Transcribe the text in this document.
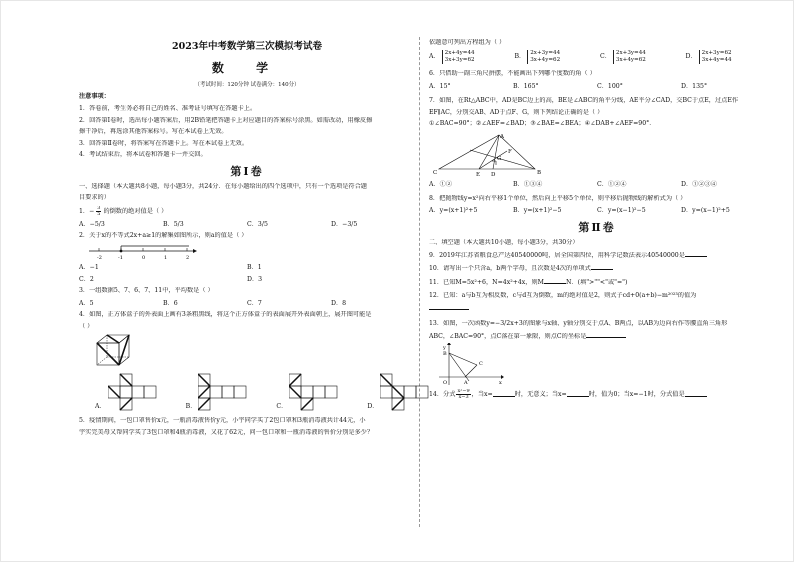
2023年中考数学第三次模拟考试卷
数 学
（考试时间：120分钟 试卷满分：140分）
注意事项：
1．答卷前，考生务必将自己的姓名、准考证号填写在答题卡上。
2．回答第Ⅰ卷时，选出每小题答案后，用2B铅笔把答题卡上对应题目的答案标号涂黑。如需改动，用橡皮擦
擦干净后，再选涂其他答案标号。写在本试卷上无效。
3．回答第Ⅱ卷时，将答案写在答题卡上。写在本试卷上无效。
4．考试结束后，将本试卷和答题卡一并交回。
第Ⅰ卷
一、选择题（本大题共8小题，每小题3分，共24分．在每小题给出的四个选项中，只有一个选项是符合题
目要求的）
1．− $\frac{3}{5}$ 的倒数的绝对值是（ ）
A．−5/3	B．5/3	C．3/5	D．−3/5
2．关于x的不等式2x+a≥1的解集如图所示，则a的值是（ ）
-2	-1	0	1	2
A．−1	B．1
C．2	D．3
3．一组数据5、7、6、7、11中，平均数是（ ）
A．5	B．6	C．7	D．8
4．如图，正方体盒子的外表面上画有3条粗黑线，将这个正方体盒子的表面展开外表面朝上，展开图可能是
（ ）
A．	B．	C．	D．
5．疫情期间，一包口罩售价x元，一瓶消毒液售价y元，小宇同学买了2包口罩和3瓶消毒液共计44元，小
宇实完美母又帮同学买了3包口罩和4瓶消毒液，又花了62元，问一包口罩和一瓶消毒液的售价分别是多少？
依题意可列出方程组为（ ）
A． 2x+4y=44
3x+3y=62
B． 2x+3y=44
3x+4y=62
C． 2x+3y=44
3x+4y=62
D． 2x+3y=62
3x+4y=44
6．只借助一副三角尺拼摆，不能画出下列哪个度数的角（ ）
A．15°	B．165°	C．100°	D．135°
7．如图，在Rt△ABC中，AD是BC边上的高，BE是∠ABC的角平分线，AE平分∠CAD，交BC于点E，过点E作
EF∥AC，分别交AB、AD于点F、G，则下列结论正确的是（ ）
①∠BAC=90°；②∠AEF=∠BAD；③∠BAE=∠BEA；④∠DAB+∠AEF=90°．
A
B
C	D
E
F
G
A．①②	B．①③④	C．①②④	D．①②③④
8．把抛物线y=x²向右平移1个单位，然后向上平移5个单位，则平移后抛物线的解析式为（ ）
A．y=(x+1)²+5	B．y=(x+1)²−5	C．y=(x−1)²−5	D．y=(x−1)²+5
第Ⅱ卷
二、填空题（本大题共10小题，每小题3分，共30分）
9．2019年江苏省粮食总产达40540000吨，居全国第四位，用科学记数法表示40540000是
10．请写出一个只含a，b两个字母，且次数是4次的单项式
11．已知M=5x²+6，N=4x²+4x，则M	N．(填">""<"或"=")
12．已知：a与b互为相反数，c与d互为倒数，m的绝对值是2，则式子cd+0(a+b)−m²⁰²³的值为
13．如图，一次函数y=−3/2x+3的图象与x轴、y轴分别交于点A、B两点，以AB为边向右作等腰直角三角形
ABC，∠BAC=90°，点C落在第一象限，则点C的坐标是
y
x
O	A
B
C
14．分式 x²−9
x−3 ，当x=	时，无意义；当x=	时，值为0；当x=−1时，分式值是
